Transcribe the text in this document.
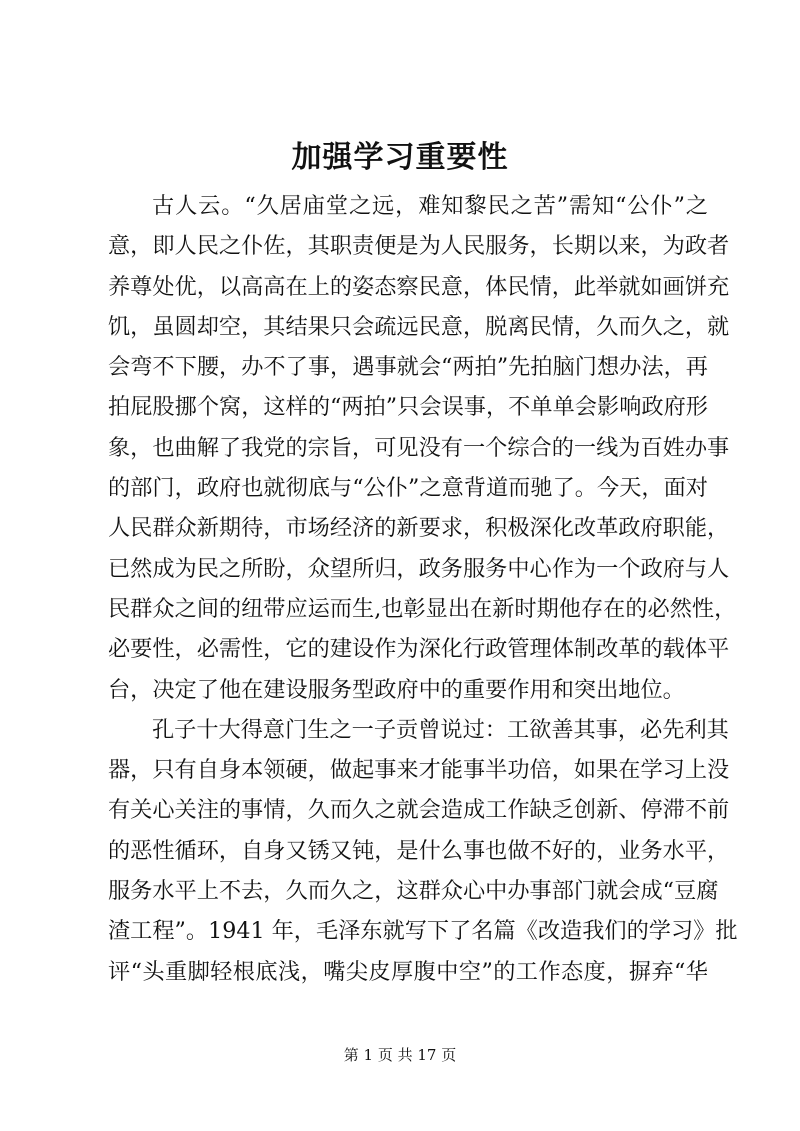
加强学习重要性
古人云。“久居庙堂之远，难知黎民之苦”需知“公仆”之
意，即人民之仆佐，其职责便是为人民服务，长期以来，为政者
养尊处优，以高高在上的姿态察民意，体民情，此举就如画饼充
饥，虽圆却空，其结果只会疏远民意，脱离民情，久而久之，就
会弯不下腰，办不了事，遇事就会“两拍”先拍脑门想办法，再
拍屁股挪个窝，这样的“两拍”只会误事，不单单会影响政府形
象，也曲解了我党的宗旨，可见没有一个综合的一线为百姓办事
的部门，政府也就彻底与“公仆”之意背道而驰了。今天，面对
人民群众新期待，市场经济的新要求，积极深化改革政府职能，
已然成为民之所盼，众望所归，政务服务中心作为一个政府与人
民群众之间的纽带应运而生,也彰显出在新时期他存在的必然性，
必要性，必需性，它的建设作为深化行政管理体制改革的载体平
台，决定了他在建设服务型政府中的重要作用和突出地位。
孔子十大得意门生之一子贡曾说过：工欲善其事，必先利其
器，只有自身本领硬，做起事来才能事半功倍，如果在学习上没
有关心关注的事情，久而久之就会造成工作缺乏创新、停滞不前
的恶性循环，自身又锈又钝，是什么事也做不好的，业务水平，
服务水平上不去，久而久之，这群众心中办事部门就会成“豆腐
渣工程”。1941 年，毛泽东就写下了名篇《改造我们的学习》批
评“头重脚轻根底浅，嘴尖皮厚腹中空”的工作态度，摒弃“华
第 1 页 共 17 页
